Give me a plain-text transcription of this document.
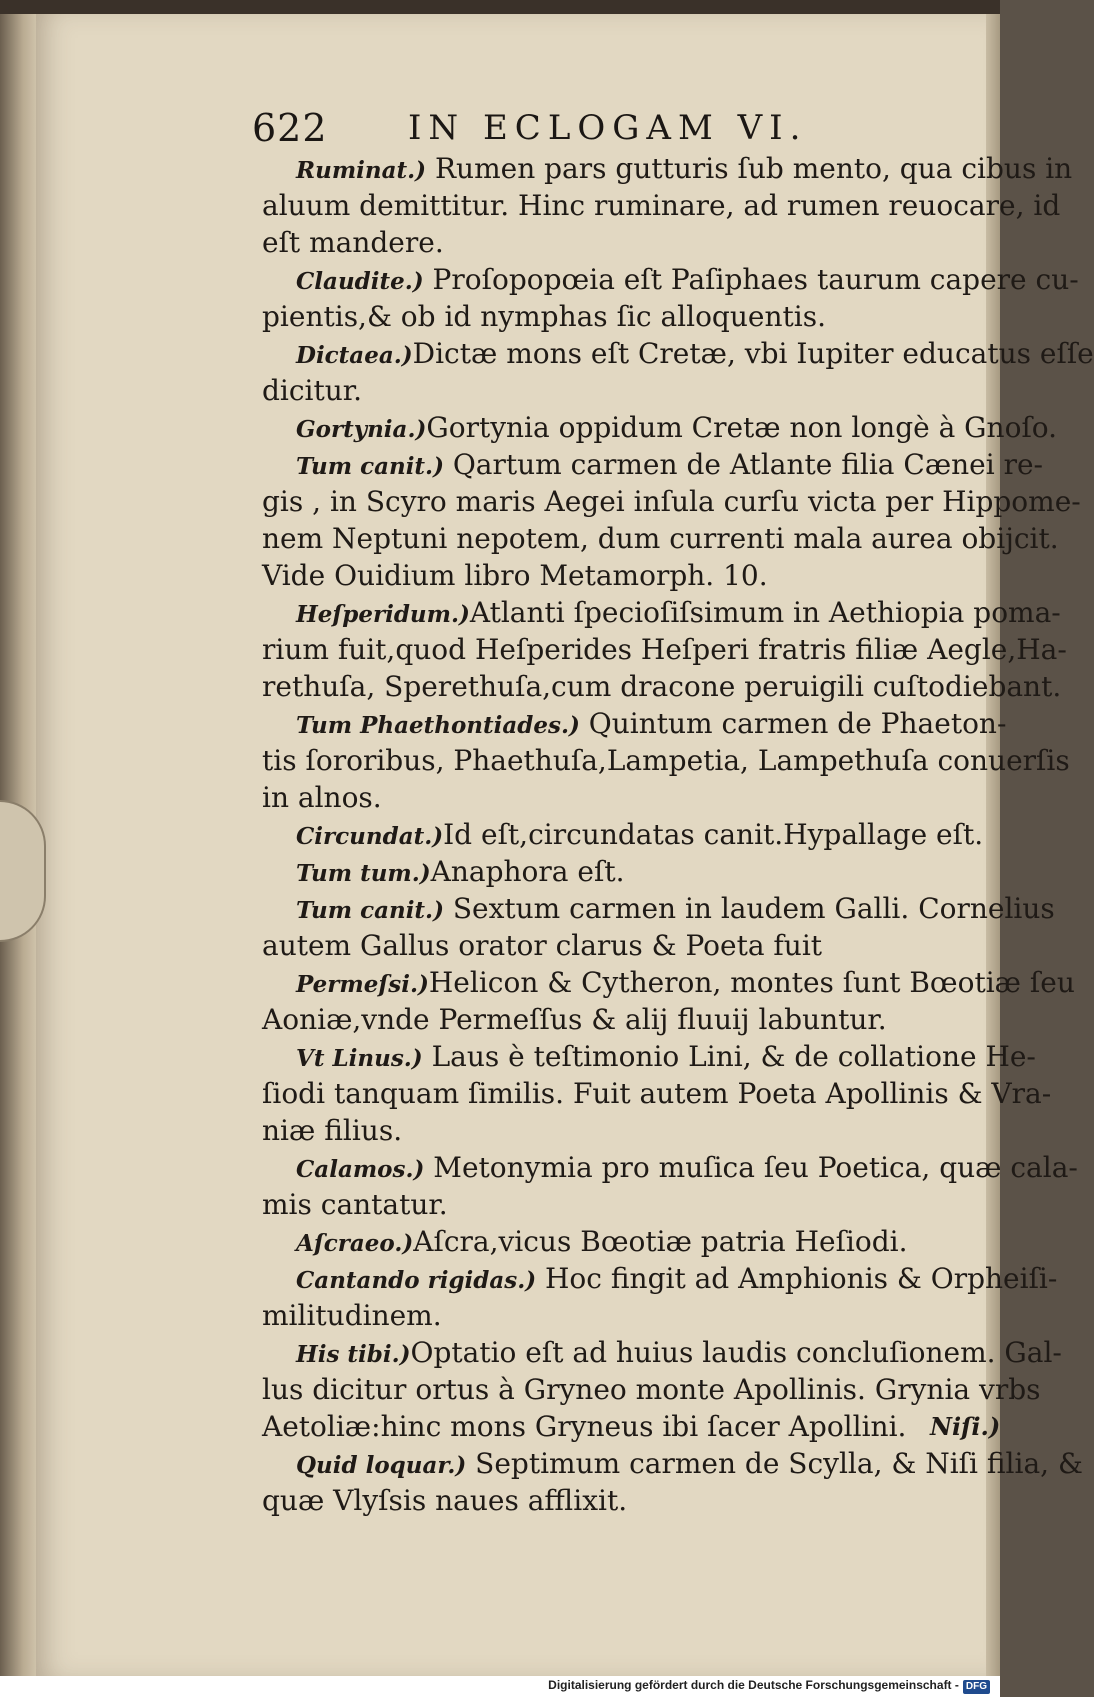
622 IN ECLOGAM VI.
Ruminat.) Rumen pars gutturis ſub mento, qua cibus in
aluum demittitur. Hinc ruminare, ad rumen reuocare, id
eſt mandere.
Claudite.) Proſopopœia eſt Paſiphaes taurum capere cu-
pientis,& ob id nymphas ſic alloquentis.
Dictaea.)Dictæ mons eſt Cretæ, vbi Iupiter educatus eſſe
dicitur.
Gortynia.)Gortynia oppidum Cretæ non longè à Gnoſo.
Tum canit.) Qartum carmen de Atlante filia Cænei re-
gis , in Scyro maris Aegei inſula curſu victa per Hippome-
nem Neptuni nepotem, dum currenti mala aurea obijcit.
Vide Ouidium libro Metamorph. 10.
Heſperidum.)Atlanti ſpecioſiſsimum in Aethiopia poma-
rium fuit,quod Heſperides Heſperi fratris filiæ Aegle,Ha-
rethuſa, Sperethuſa,cum dracone peruigili cuſtodiebant.
Tum Phaethontiades.) Quintum carmen de Phaeton-
tis ſororibus, Phaethuſa,Lampetia, Lampethuſa conuerſis
in alnos.
Circundat.)Id eſt,circundatas canit.Hypallage eſt.
Tum tum.)Anaphora eſt.
Tum canit.) Sextum carmen in laudem Galli. Cornelius
autem Gallus orator clarus & Poeta fuit
Permeſsi.)Helicon & Cytheron, montes ſunt Bœotiæ ſeu
Aoniæ,vnde Permeſſus & alij fluuij labuntur.
Vt Linus.) Laus è teſtimonio Lini, & de collatione He-
ſiodi tanquam ſimilis. Fuit autem Poeta Apollinis & Vra-
niæ filius.
Calamos.) Metonymia pro muſica ſeu Poetica, quæ cala-
mis cantatur.
Aſcraeo.)Aſcra,vicus Bœotiæ patria Heſiodi.
Cantando rigidas.) Hoc fingit ad Amphionis & Orpheiſi-
militudinem.
His tibi.)Optatio eſt ad huius laudis concluſionem. Gal-
lus dicitur ortus à Gryneo monte Apollinis. Grynia vrbs
Aetoliæ:hinc mons Gryneus ibi ſacer Apollini.
Quid loquar.) Septimum carmen de Scylla, & Niſi filia, &
quæ Vlyſsis naues afflixit.
Niſi.)
Digitalisierung gefördert durch die Deutsche Forschungsgemeinschaft - DFG
